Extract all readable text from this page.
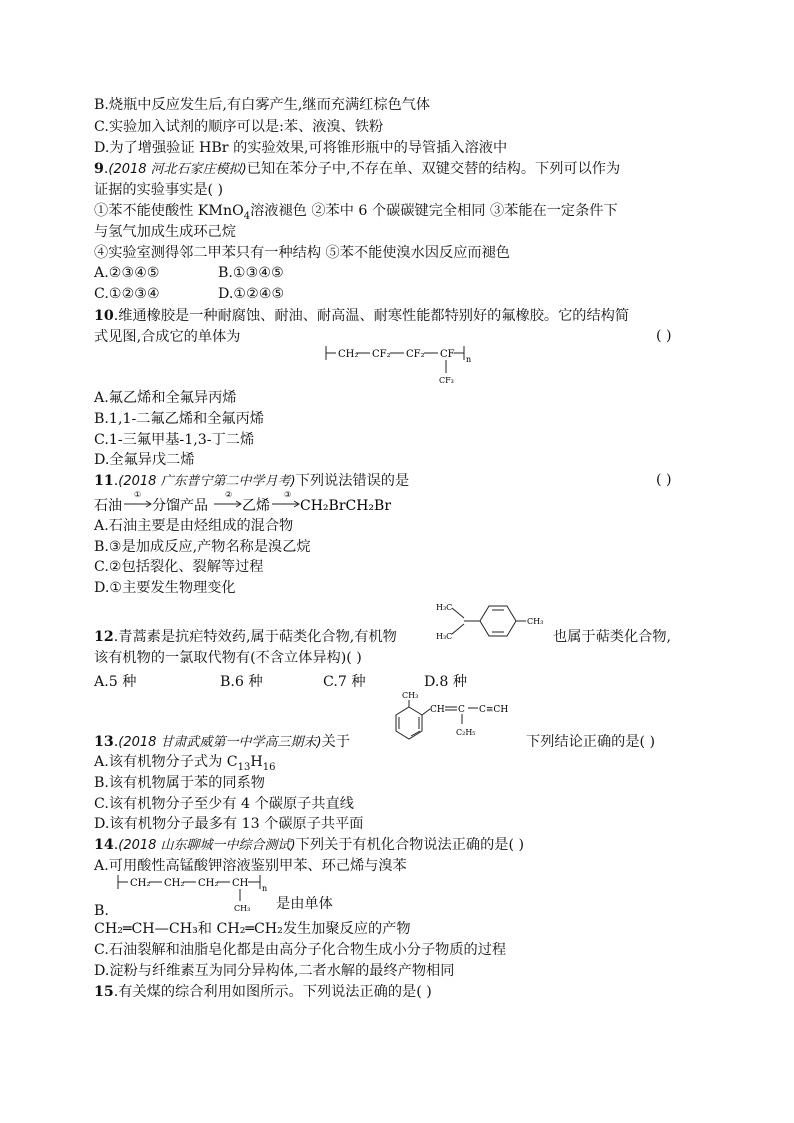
B.烧瓶中反应发生后,有白雾产生,继而充满红棕色气体
C.实验加入试剂的顺序可以是:苯、液溴、铁粉
D.为了增强验证 HBr 的实验效果,可将锥形瓶中的导管插入溶液中
9.(2018 河北石家庄模拟)已知在苯分子中,不存在单、双键交替的结构。下列可以作为
证据的实验事实是( )
①苯不能使酸性 KMnO$_4$溶液褪色 ②苯中 6 个碳碳键完全相同 ③苯能在一定条件下
与氢气加成生成环己烷
④实验室测得邻二甲苯只有一种结构 ⑤苯不能使溴水因反应而褪色
A.②③④⑤	B.①③④⑤
C.①②③④	D.①②④⑤
10.维通橡胶是一种耐腐蚀、耐油、耐高温、耐寒性能都特别好的氟橡胶。它的结构简
式见图,合成它的单体为	( )
CH₂ CF₂ CF₂ CF n
CF₃
A.氟乙烯和全氟异丙烯
B.1,1-二氟乙烯和全氟丙烯
C.1-三氟甲基-1,3-丁二烯
D.全氟异戊二烯
11.(2018 广东普宁第二中学月考)下列说法错误的是	( )
石油
①
分馏产品
②
乙烯
③
CH₂BrCH₂Br
A.石油主要是由烃组成的混合物
B.③是加成反应,产物名称是溴乙烷
C.②包括裂化、裂解等过程
D.①主要发生物理变化
12.青蒿素是抗疟特效药,属于萜类化合物,有机物
H₃C
H₃C
CH₃
也属于萜类化合物,
该有机物的一氯取代物有(不含立体异构)( )
A.5 种	B.6 种	C.7 种	D.8 种
13.(2018 甘肃武威第一中学高三期末)关于
CH₃
CH C C≡CH
C₂H₅
下列结论正确的是( )
A.该有机物分子式为 $C_{13}H_{16}$
B.该有机物属于苯的同系物
C.该有机物分子至少有 4 个碳原子共直线
D.该有机物分子最多有 13 个碳原子共平面
14.(2018 山东聊城一中综合测试)下列关于有机化合物说法正确的是( )
A.可用酸性高锰酸钾溶液鉴别甲苯、环己烯与溴苯
CH₂ CH₂ CH₂ CH n
CH₃
B.	是由单体
CH₂═CH—CH₃和 CH₂═CH₂发生加聚反应的产物
C.石油裂解和油脂皂化都是由高分子化合物生成小分子物质的过程
D.淀粉与纤维素互为同分异构体,二者水解的最终产物相同
15.有关煤的综合利用如图所示。下列说法正确的是( )
